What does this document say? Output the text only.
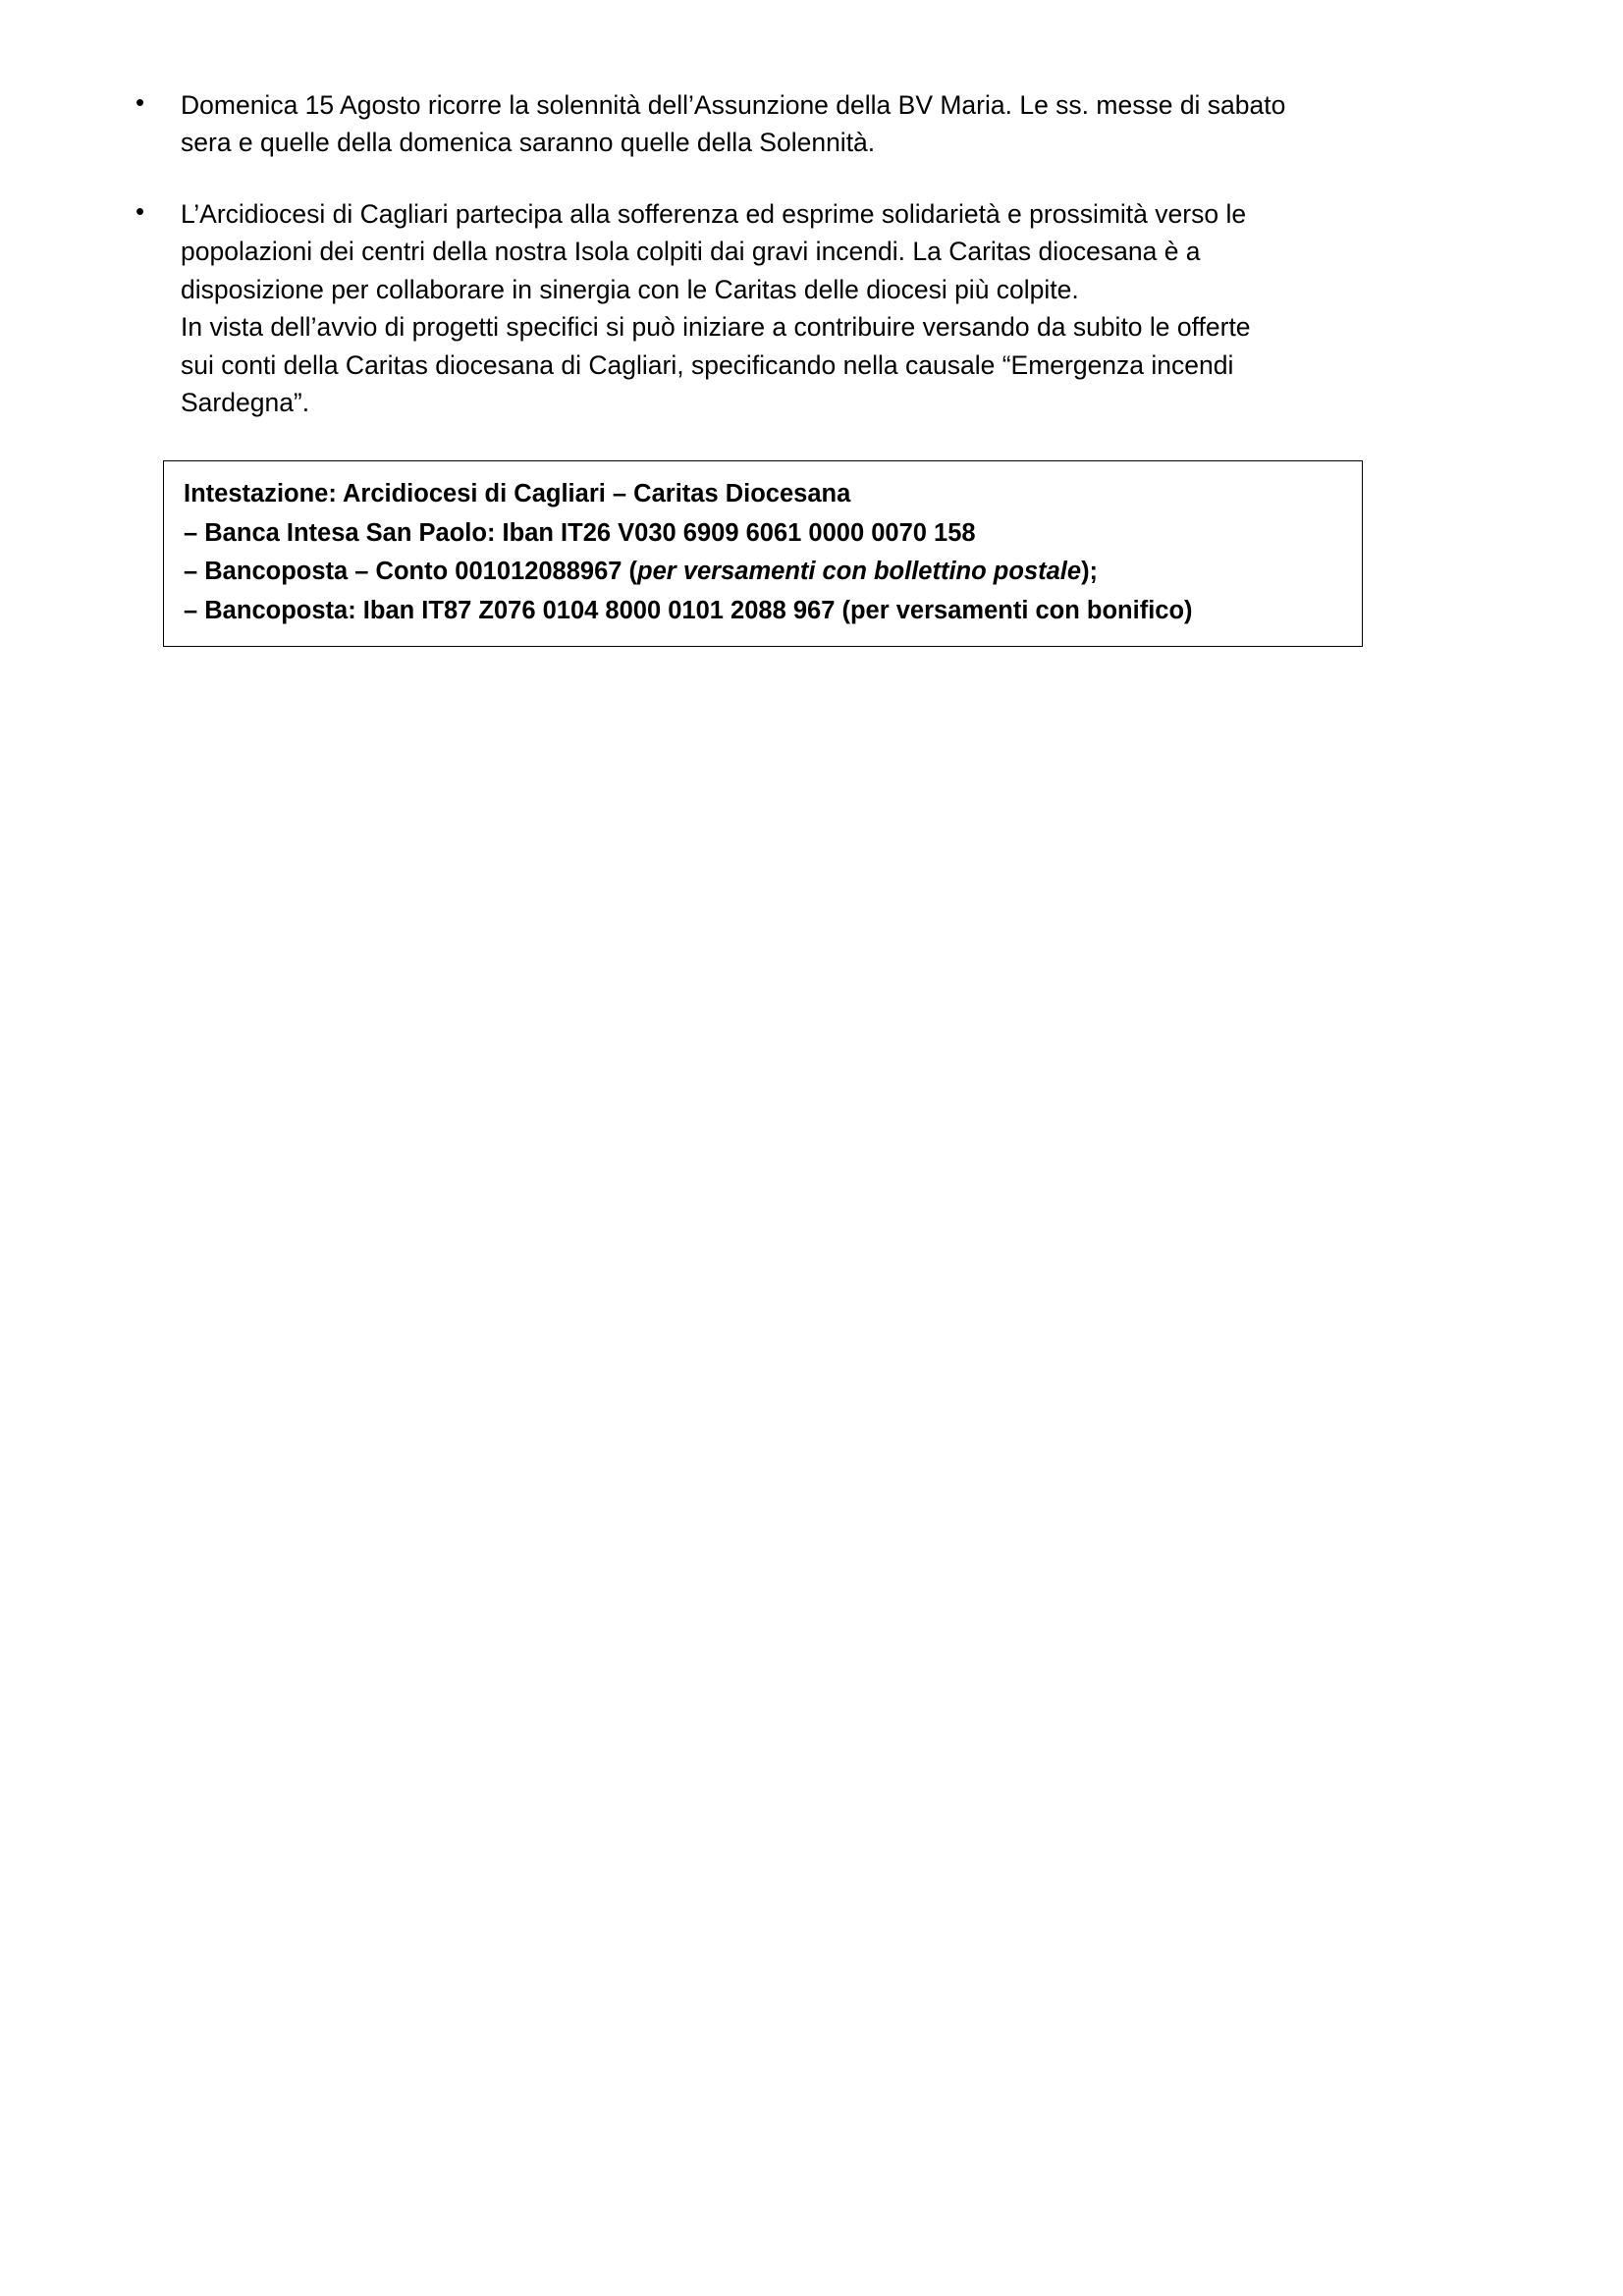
• Domenica 15 Agosto ricorre la solennità dell’Assunzione della BV Maria. Le ss. messe di sabato

sera e quelle della domenica saranno quelle della Solennità.

• L’Arcidiocesi di Cagliari partecipa alla sofferenza ed esprime solidarietà e prossimità verso le

popolazioni dei centri della nostra Isola colpiti dai gravi incendi. La Caritas diocesana è a

disposizione per collaborare in sinergia con le Caritas delle diocesi più colpite.

In vista dell’avvio di progetti specifici si può iniziare a contribuire versando da subito le offerte

sui conti della Caritas diocesana di Cagliari, specificando nella causale “Emergenza incendi

Sardegna”.

Intestazione: Arcidiocesi di Cagliari – Caritas Diocesana
– Banca Intesa San Paolo: Iban IT26 V030 6909 6061 0000 0070 158
– Bancoposta – Conto 001012088967 (per versamenti con bollettino postale);
– Bancoposta: Iban IT87 Z076 0104 8000 0101 2088 967 (per versamenti con bonifico)
